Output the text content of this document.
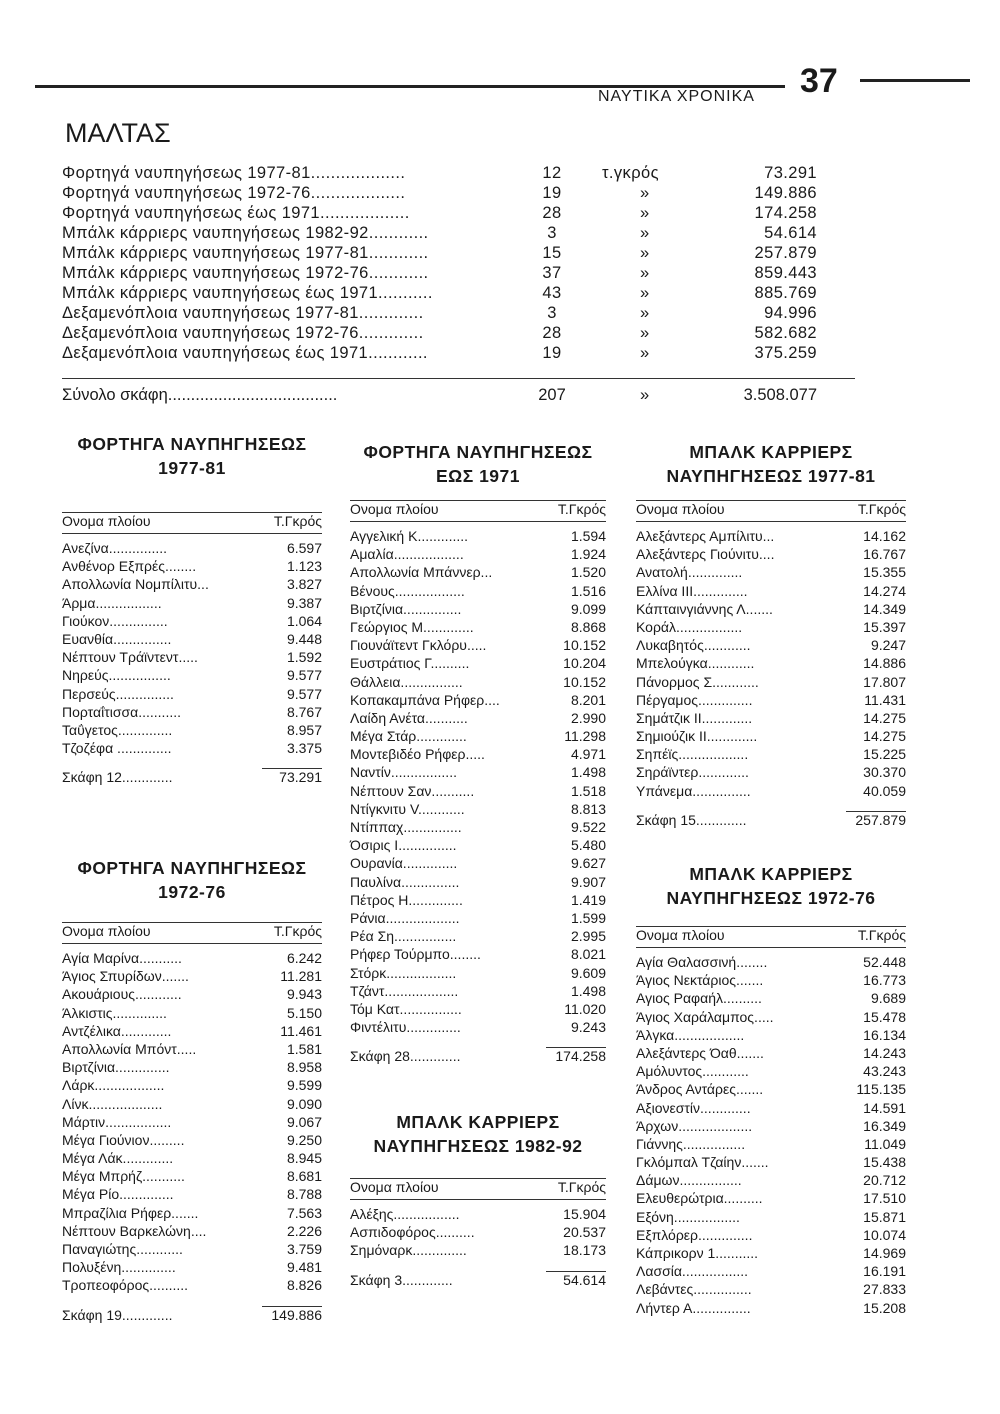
ΝΑΥΤΙΚΑ ΧΡΟΝΙΚΑ 37
ΜΑΛΤΑΣ
Φορτηγά ναυπηγήσεως 1977-81...................	12	τ.γκρός	73.291
Φορτηγά ναυπηγήσεως 1972-76...................	19	»	149.886
Φορτηγά ναυπηγήσεως έως 1971..................	28	»	174.258
Μπάλκ κάρριερς ναυπηγήσεως 1982-92............	3	»	54.614
Μπάλκ κάρριερς ναυπηγήσεως 1977-81............	15	»	257.879
Μπάλκ κάρριερς ναυπηγήσεως 1972-76............	37	»	859.443
Μπάλκ κάρριερς ναυπηγήσεως έως 1971...........	43	»	885.769
Δεξαμενόπλοια ναυπηγήσεως 1977-81.............	3	»	94.996
Δεξαμενόπλοια ναυπηγήσεως 1972-76.............	28	»	582.682
Δεξαμενόπλοια ναυπηγήσεως έως 1971............	19	»	375.259
Σύνολο σκάφη.....................................	207	»	3.508.077
ΦΟΡΤΗΓΑ ΝΑΥΠΗΓΗΣΕΩΣ
1977-81
Ονομα πλοίου	Τ.Γκρός
Ανεζίνα...............	6.597
Ανθένορ Εξπρές........	1.123
Απολλωνία Νομπίλιτυ...	3.827
Άρμα.................	9.387
Γιούκον...............	1.064
Ευανθία...............	9.448
Νέπτουν Τράϊντεντ.....	1.592
Νηρεύς................	9.577
Περσεύς...............	9.577
Πορταΐτισσα...........	8.767
Ταΰγετος..............	8.957
Τζοζέφα ..............	3.375
Σκάφη 12.............	73.291
ΦΟΡΤΗΓΑ ΝΑΥΠΗΓΗΣΕΩΣ
1972-76
Ονομα πλοίου	Τ.Γκρός
Αγία Μαρίνα...........	6.242
Άγιος Σπυρίδων.......	11.281
Ακουάριους............	9.943
Άλκιστις..............	5.150
Αντζέλικα.............	11.461
Απολλωνία Μπόντ.....	1.581
Βιρτζίνια..............	8.958
Λάρκ..................	9.599
Λίνκ...................	9.090
Μάρτιν.................	9.067
Μέγα Γιούνιον.........	9.250
Μέγα Λάκ.............	8.945
Μέγα Μπρήζ...........	8.681
Μέγα Ρίο..............	8.788
Μπραζίλια Ρήφερ.......	7.563
Νέπτουν Βαρκελώνη....	2.226
Παναγιώτης............	3.759
Πολυξένη..............	9.481
Τροπεοφόρος..........	8.826
Σκάφη 19.............	149.886
ΦΟΡΤΗΓΑ ΝΑΥΠΗΓΗΣΕΩΣ
ΕΩΣ 1971
Ονομα πλοίου	Τ.Γκρός
Αγγελική Κ.............	1.594
Αμαλία..................	1.924
Απολλωνία Μπάννερ...	1.520
Βένους..................	1.516
Βιρτζίνια...............	9.099
Γεώργιος Μ.............	8.868
Γιουνάϊτεντ Γκλόρυ.....	10.152
Ευστράτιος Γ..........	10.204
Θάλλεια................	10.152
Κοπακαμπάνα Ρήφερ....	8.201
Λαίδη Ανέτα...........	2.990
Μέγα Στάρ.............	11.298
Μοντεβιδέο Ρήφερ.....	4.971
Ναντίν.................	1.498
Νέπτουν Σαν...........	1.518
Ντίγκνιτυ V............	8.813
Ντίππαχ...............	9.522
Όσιρις Ι...............	5.480
Ουρανία..............	9.627
Παυλίνα...............	9.907
Πέτρος Η..............	1.419
Ράνια...................	1.599
Ρέα Ση................	2.995
Ρήφερ Τούρμπο........	8.021
Στόρκ..................	9.609
Τζάντ...................	1.498
Τόμ Κατ................	11.020
Φιντέλιτυ..............	9.243
Σκάφη 28.............	174.258
ΜΠΑΛΚ ΚΑΡΡΙΕΡΣ
ΝΑΥΠΗΓΗΣΕΩΣ 1982-92
Ονομα πλοίου	Τ.Γκρός
Αλέξης.................	15.904
Ασπιδοφόρος..........	20.537
Σημόναρκ..............	18.173
Σκάφη 3.............	54.614
ΜΠΑΛΚ ΚΑΡΡΙΕΡΣ
ΝΑΥΠΗΓΗΣΕΩΣ 1977-81
Ονομα πλοίου	Τ.Γκρός
Αλεξάντερς Αμπίλιτυ...	14.162
Αλεξάντερς Γιούνιτυ....	16.767
Ανατολή..............	15.355
Ελλίνα ΙΙΙ..............	14.274
Κάπταινγιάννης Λ.......	14.349
Κοράλ.................	15.397
Λυκαβητός............	9.247
Μπελούγκα............	14.886
Πάνορμος Σ............	17.807
Πέργαμος..............	11.431
Σημάτζικ ΙΙ.............	14.275
Σημιούζικ ΙΙ.............	14.275
Σηπέϊς..................	15.225
Σηράϊντερ.............	30.370
Υπάνεμα...............	40.059
Σκάφη 15.............	257.879
ΜΠΑΛΚ ΚΑΡΡΙΕΡΣ
ΝΑΥΠΗΓΗΣΕΩΣ 1972-76
Ονομα πλοίου	Τ.Γκρός
Αγία Θαλασσινή........	52.448
Άγιος Νεκτάριος.......	16.773
Αγιος Ραφαήλ..........	9.689
Άγιος Χαράλαμπος.....	15.478
Άλγκα..................	16.134
Αλεξάντερς Όαθ.......	14.243
Αμόλυντος............	43.243
Άνδρος Αντάρες.......	115.135
Αξιονεστίν.............	14.591
Άρχων...................	16.349
Γιάννης................	11.049
Γκλόμπαλ Τζαίην.......	15.438
Δάμων................	20.712
Ελευθερώτρια..........	17.510
Εξόνη.................	15.871
Εξπλόρερ..............	10.074
Κάπρικορν 1...........	14.969
Λασσία.................	16.191
Λεβάντες...............	27.833
Λήντερ Α...............	15.208
